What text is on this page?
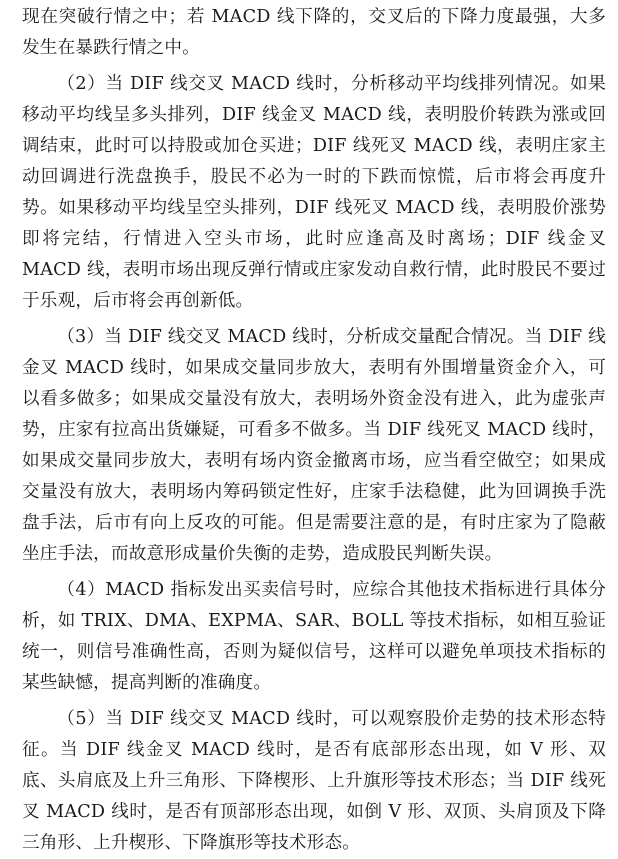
现在突破行情之中；若 MACD 线下降的，交叉后的下降力度最强，大多发生在暴跌行情之中。

（2）当 DIF 线交叉 MACD 线时，分析移动平均线排列情况。如果移动平均线呈多头排列，DIF 线金叉 MACD 线，表明股价转跌为涨或回调结束，此时可以持股或加仓买进；DIF 线死叉 MACD 线，表明庄家主动回调进行洗盘换手，股民不必为一时的下跌而惊慌，后市将会再度升势。如果移动平均线呈空头排列，DIF 线死叉 MACD 线，表明股价涨势即将完结，行情进入空头市场，此时应逢高及时离场；DIF 线金叉 MACD 线，表明市场出现反弹行情或庄家发动自救行情，此时股民不要过于乐观，后市将会再创新低。

（3）当 DIF 线交叉 MACD 线时，分析成交量配合情况。当 DIF 线金叉 MACD 线时，如果成交量同步放大，表明有外围增量资金介入，可以看多做多；如果成交量没有放大，表明场外资金没有进入，此为虚张声势，庄家有拉高出货嫌疑，可看多不做多。当 DIF 线死叉 MACD 线时，如果成交量同步放大，表明有场内资金撤离市场，应当看空做空；如果成交量没有放大，表明场内筹码锁定性好，庄家手法稳健，此为回调换手洗盘手法，后市有向上反攻的可能。但是需要注意的是，有时庄家为了隐蔽坐庄手法，而故意形成量价失衡的走势，造成股民判断失误。

（4）MACD 指标发出买卖信号时，应综合其他技术指标进行具体分析，如 TRIX、DMA、EXPMA、SAR、BOLL 等技术指标，如相互验证统一，则信号准确性高，否则为疑似信号，这样可以避免单项技术指标的某些缺憾，提高判断的准确度。

（5）当 DIF 线交叉 MACD 线时，可以观察股价走势的技术形态特征。当 DIF 线金叉 MACD 线时，是否有底部形态出现，如 V 形、双底、头肩底及上升三角形、下降楔形、上升旗形等技术形态；当 DIF 线死叉 MACD 线时，是否有顶部形态出现，如倒 V 形、双顶、头肩顶及下降三角形、上升楔形、下降旗形等技术形态。
